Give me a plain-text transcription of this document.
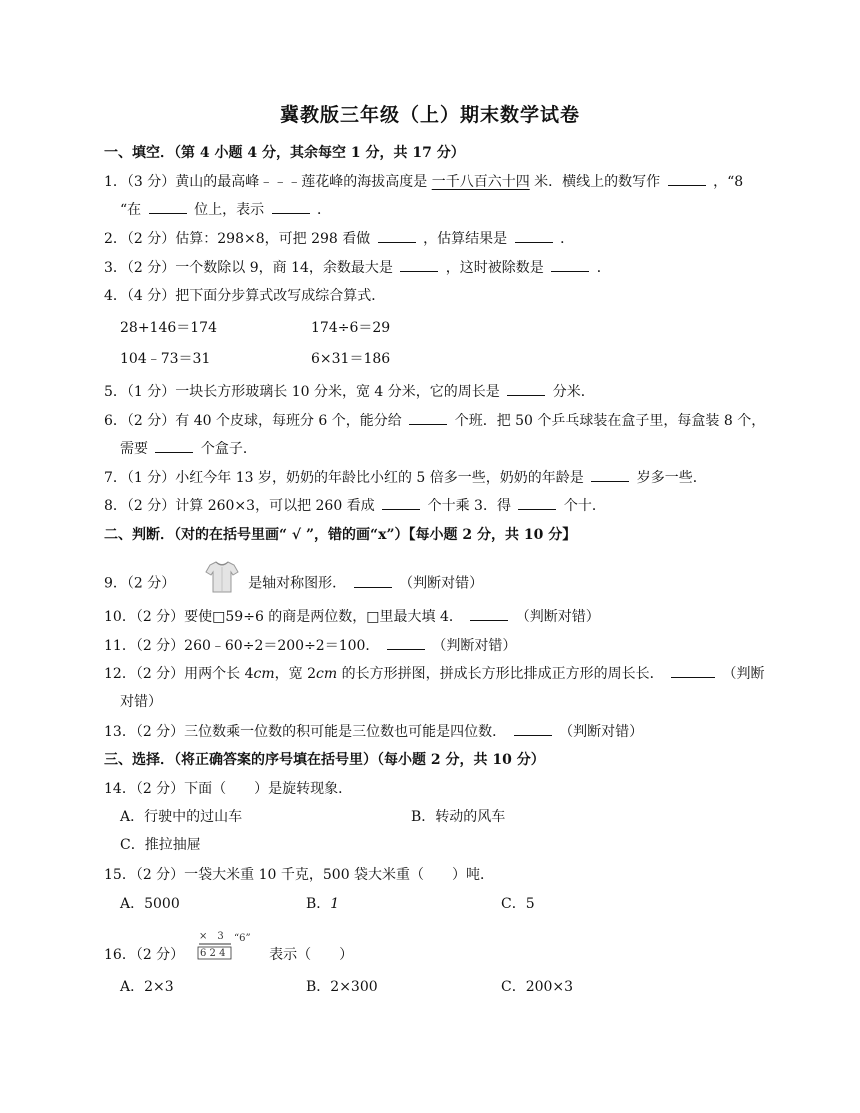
冀教版三年级（上）期末数学试卷
一、填空．（第 4 小题 4 分，其余每空 1 分，共 17 分）
1．（3 分）黄山的最高峰﹣﹣﹣莲花峰的海拔高度是 一千八百六十四 米．横线上的数写作	，“8
“在	位上，表示	．
2．（2 分）估算：298×8，可把 298 看做	，估算结果是	．
3．（2 分）一个数除以 9，商 14，余数最大是	，这时被除数是	．
4．（4 分）把下面分步算式改写成综合算式．
28+146＝174	174÷6＝29
104﹣73＝31	6×31＝186
5．（1 分）一块长方形玻璃长 10 分米，宽 4 分米，它的周长是	分米．
6．（2 分）有 40 个皮球，每班分 6 个，能分给	个班．把 50 个乒乓球装在盒子里，每盒装 8 个，
需要	个盒子．
7．（1 分）小红今年 13 岁，奶奶的年龄比小红的 5 倍多一些，奶奶的年龄是	岁多一些．
8．（2 分）计算 260×3，可以把 260 看成	个十乘 3．得	个十．
二、判断．（对的在括号里画“ √ ”，错的画“x”）【每小题 2 分，共 10 分】
9．（2 分）	是轴对称图形．	（判断对错）
10．（2 分）要使□59÷6 的商是两位数，□里最大填 4．	（判断对错）
11．（2 分）260﹣60÷2＝200÷2＝100．	（判断对错）
12．（2 分）用两个长 4cm，宽 2cm 的长方形拼图，拼成长方形比排成正方形的周长长．	（判断
对错）
13．（2 分）三位数乘一位数的积可能是三位数也可能是四位数．	（判断对错）
三、选择．（将正确答案的序号填在括号里）（每小题 2 分，共 10 分）
14．（2 分）下面（　　）是旋转现象．
A．行驶中的过山车	B．转动的风车
C．推拉抽屉
15．（2 分）一袋大米重 10 千克，500 袋大米重（　　）吨．
A．5000	B．1	C．5
16．（2 分）
×　3
6 2 4
“6”
表示（　　）
A．2×3	B．2×300	C．200×3
